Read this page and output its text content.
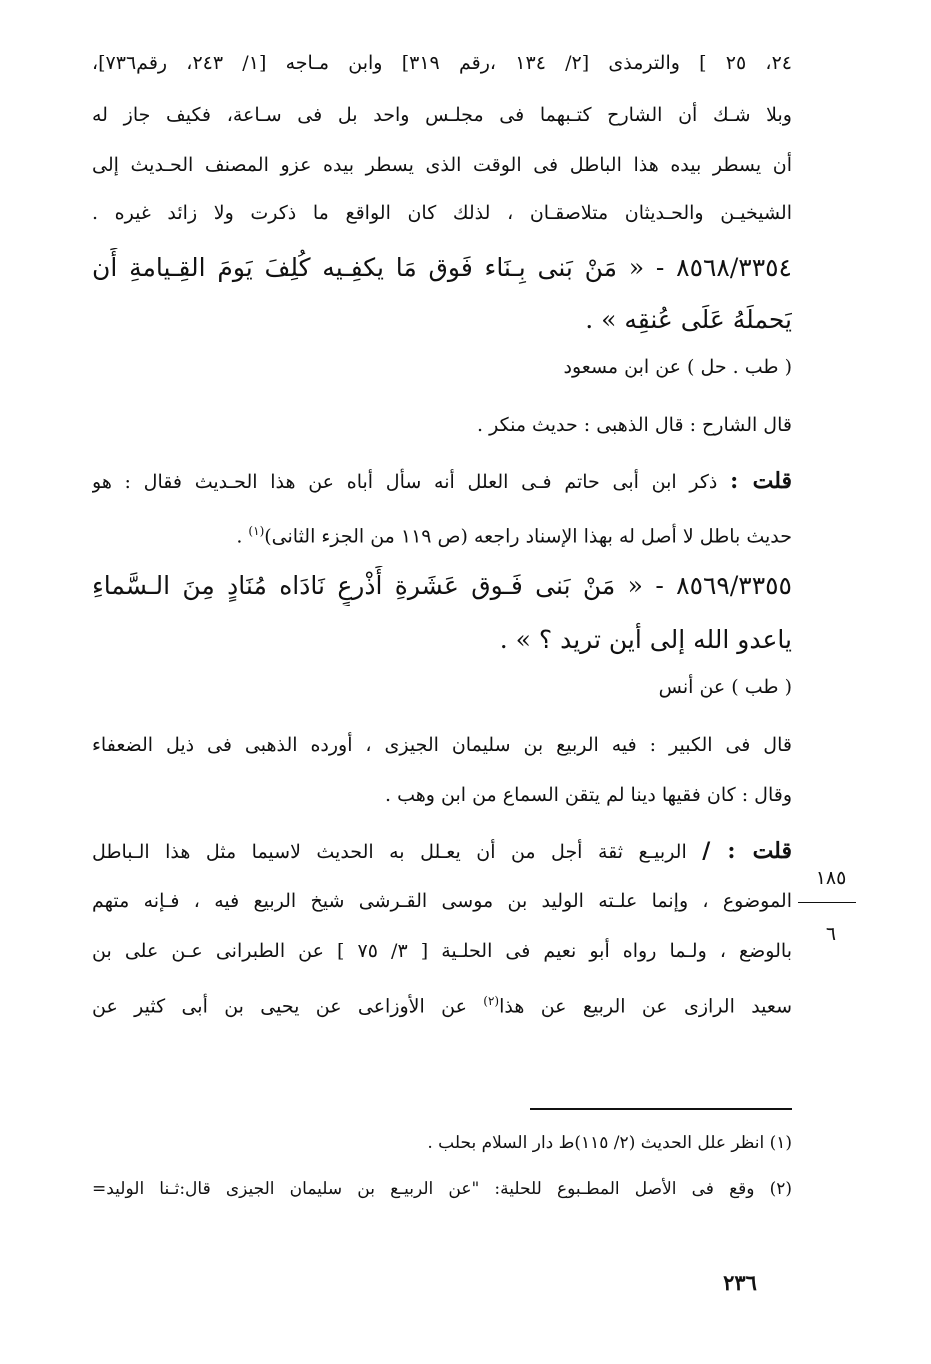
٢٤، ٢٥ ] والترمذى [٢/ ١٣٤ ،رقم ٣١٩] وابن مـاجه [١/ ٢٤٣، رقم٧٣٦]،
وبلا شـك أن الشارح كتـبهما فى مجلـس واحد بل فى سـاعة، فكيف جاز له
أن يسطر بيده هذا الباطل فى الوقت الذى يسطر بيده عزو المصنف الحـديث إلى
الشيخيـن والحـديثان متلاصقـان ، لذلك كان الواقع ما ذكرت ولا زائد غيره .
٨٥٦٨/٣٣٥٤ - « مَنْ بَنى بِـنَاء فَوق مَا يكفِـيه كُلِفَ يَومَ القِـيامةِ أَن
يَحملَهُ عَلَى عُنقِه » .
( طب . حل ) عن ابن مسعود
قال الشارح : قال الذهبى : حديث منكر .
قلت : ذكر ابن أبى حاتم فـى العلل أنه سأل أباه عن هذا الحـديث فقال : هو
حديث باطل لا أصل له بهذا الإسناد راجعه (ص ١١٩ من الجزء الثانى)$^{(١)}$ .
٨٥٦٩/٣٣٥٥ - « مَنْ بَنى فَـوق عَشَرةِ أَذْرعٍ نَادَاه مُنَادٍ مِنَ الـسَّماءِ
ياعدو الله إلى أين تريد ؟ » .
( طب ) عن أنس
قال فى الكبير : فيه الربيع بن سليمان الجيزى ، أورده الذهبى فى ذيل الضعفاء
وقال : كان فقيها دينا لم يتقن السماع من ابن وهب .
قلت : / الربيـع ثقة أجل من أن يعـلل به الحديث لاسيما مثل هذا الـباطل
الموضوع ، وإنما علـته الوليد بن موسى القـرشى شيخ الربيع فيه ، فـإنه متهم
بالوضع ، ولـما رواه أبو نعيم فى الحلـية [ ٣/ ٧٥ ] عن الطبرانى عـن على بن
سعيد الرازى عن الربيع عن هذا$^{(٢)}$ عن الأوزاعى عن يحيى بن أبى كثير عن
١٨٥
٦
(١) انظر علل الحديث (٢/ ١١٥)ط دار السلام بحلب .
(٢) وقع فى الأصل المطـبوع للحلية: "عن الربيـع بن سليمان الجيزى قال:ثـنا الوليد=
٢٣٦
